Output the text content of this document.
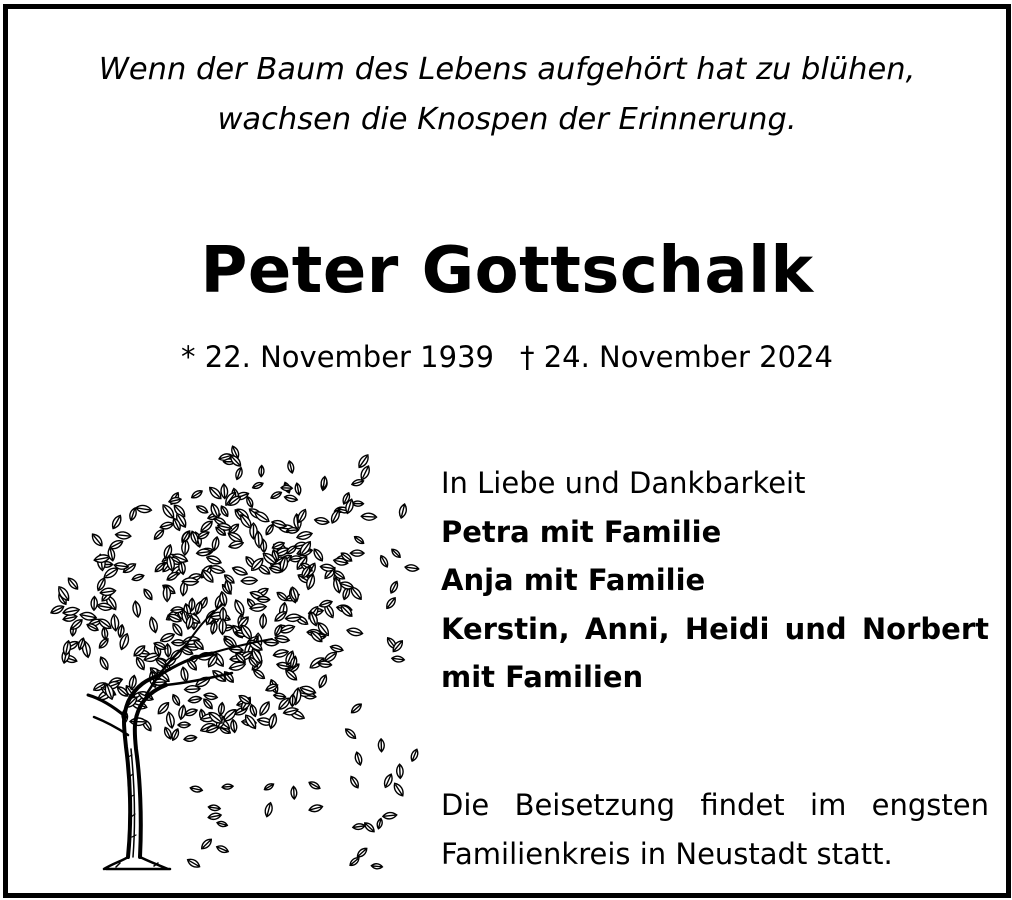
Wenn der Baum des Lebens aufgehört hat zu blühen,
wachsen die Knospen der Erinnerung.
Peter Gottschalk
* 22. November 1939 † 24. November 2024
In Liebe und Dankbarkeit
Petra mit Familie
Anja mit Familie
Kerstin, Anni, Heidi und Norbert
mit Familien
Die Beisetzung findet im engsten
Familienkreis in Neustadt statt.
